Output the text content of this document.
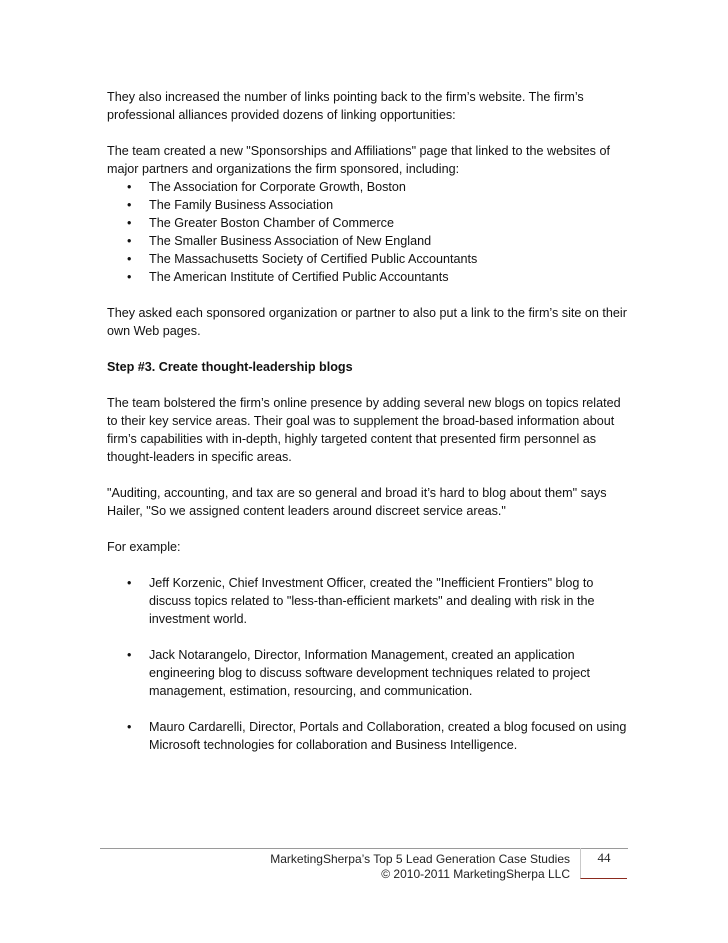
They also increased the number of links pointing back to the firm’s website. The firm’s professional alliances provided dozens of linking opportunities:

The team created a new "Sponsorships and Affiliations" page that linked to the websites of major partners and organizations the firm sponsored, including:

• The Association for Corporate Growth, Boston
• The Family Business Association
• The Greater Boston Chamber of Commerce
• The Smaller Business Association of New England
• The Massachusetts Society of Certified Public Accountants
• The American Institute of Certified Public Accountants

They asked each sponsored organization or partner to also put a link to the firm’s site on their own Web pages.

Step #3. Create thought-leadership blogs

The team bolstered the firm’s online presence by adding several new blogs on topics related to their key service areas. Their goal was to supplement the broad-based information about firm’s capabilities with in-depth, highly targeted content that presented firm personnel as thought-leaders in specific areas.

"Auditing, accounting, and tax are so general and broad it’s hard to blog about them" says Hailer, "So we assigned content leaders around discreet service areas."

For example:

• Jeff Korzenic, Chief Investment Officer, created the "Inefficient Frontiers" blog to discuss topics related to "less-than-efficient markets" and dealing with risk in the investment world.
• Jack Notarangelo, Director, Information Management, created an application engineering blog to discuss software development techniques related to project management, estimation, resourcing, and communication.
• Mauro Cardarelli, Director, Portals and Collaboration, created a blog focused on using Microsoft technologies for collaboration and Business Intelligence.
MarketingSherpa’s Top 5 Lead Generation Case Studies
© 2010-2011 MarketingSherpa LLC
44
